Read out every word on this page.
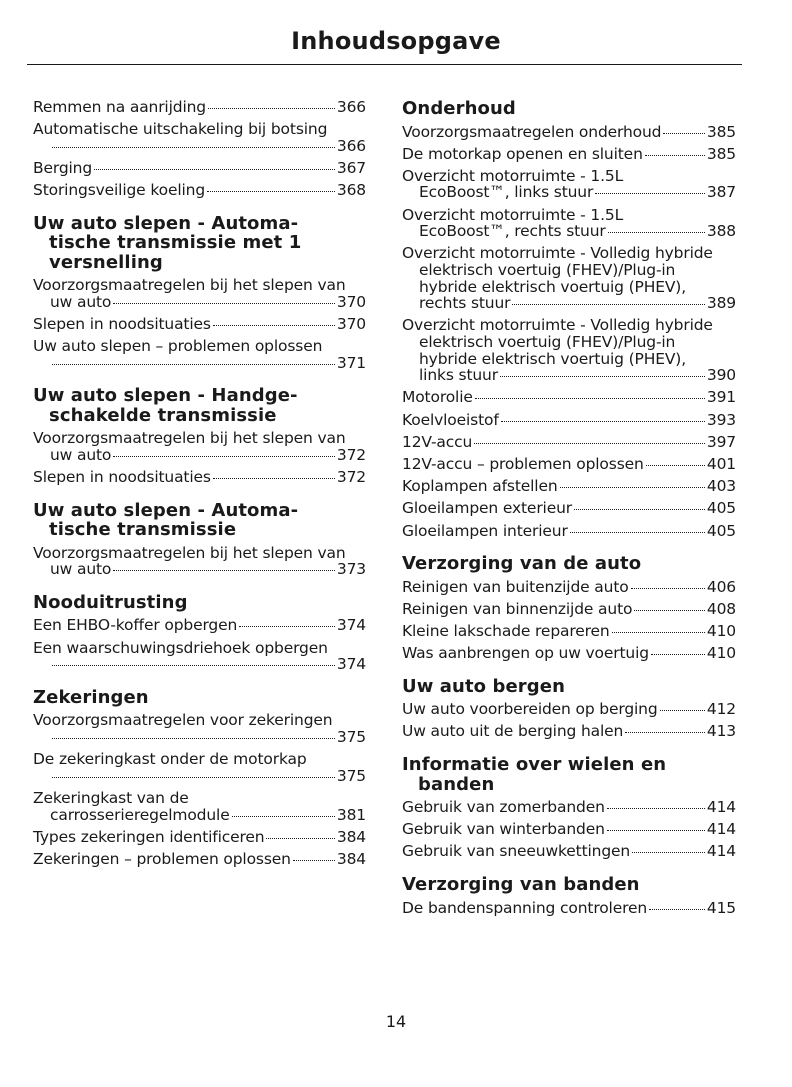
Inhoudsopgave
Remmen na aanrijding	366
Automatische uitschakeling bij botsing
366
Berging	367
Storingsveilige koeling	368
Uw auto slepen - Automa-
tische transmissie met 1
versnelling
Voorzorgsmaatregelen bij het slepen van
uw auto	370
Slepen in noodsituaties	370
Uw auto slepen – problemen oplossen
371
Uw auto slepen - Handge-
schakelde transmissie
Voorzorgsmaatregelen bij het slepen van
uw auto	372
Slepen in noodsituaties	372
Uw auto slepen - Automa-
tische transmissie
Voorzorgsmaatregelen bij het slepen van
uw auto	373
Nooduitrusting
Een EHBO-koffer opbergen	374
Een waarschuwingsdriehoek opbergen
374
Zekeringen
Voorzorgsmaatregelen voor zekeringen
375
De zekeringkast onder de motorkap
375
Zekeringkast van de
carrosserieregelmodule	381
Types zekeringen identificeren	384
Zekeringen – problemen oplossen	384
Onderhoud
Voorzorgsmaatregelen onderhoud	385
De motorkap openen en sluiten	385
Overzicht motorruimte - 1.5L
EcoBoost™, links stuur	387
Overzicht motorruimte - 1.5L
EcoBoost™, rechts stuur	388
Overzicht motorruimte - Volledig hybride
elektrisch voertuig (FHEV)/Plug-in
hybride elektrisch voertuig (PHEV),
rechts stuur	389
Overzicht motorruimte - Volledig hybride
elektrisch voertuig (FHEV)/Plug-in
hybride elektrisch voertuig (PHEV),
links stuur	390
Motorolie	391
Koelvloeistof	393
12V-accu	397
12V-accu – problemen oplossen	401
Koplampen afstellen	403
Gloeilampen exterieur	405
Gloeilampen interieur	405
Verzorging van de auto
Reinigen van buitenzijde auto	406
Reinigen van binnenzijde auto	408
Kleine lakschade repareren	410
Was aanbrengen op uw voertuig	410
Uw auto bergen
Uw auto voorbereiden op berging	412
Uw auto uit de berging halen	413
Informatie over wielen en
banden
Gebruik van zomerbanden	414
Gebruik van winterbanden	414
Gebruik van sneeuwkettingen	414
Verzorging van banden
De bandenspanning controleren	415
14
